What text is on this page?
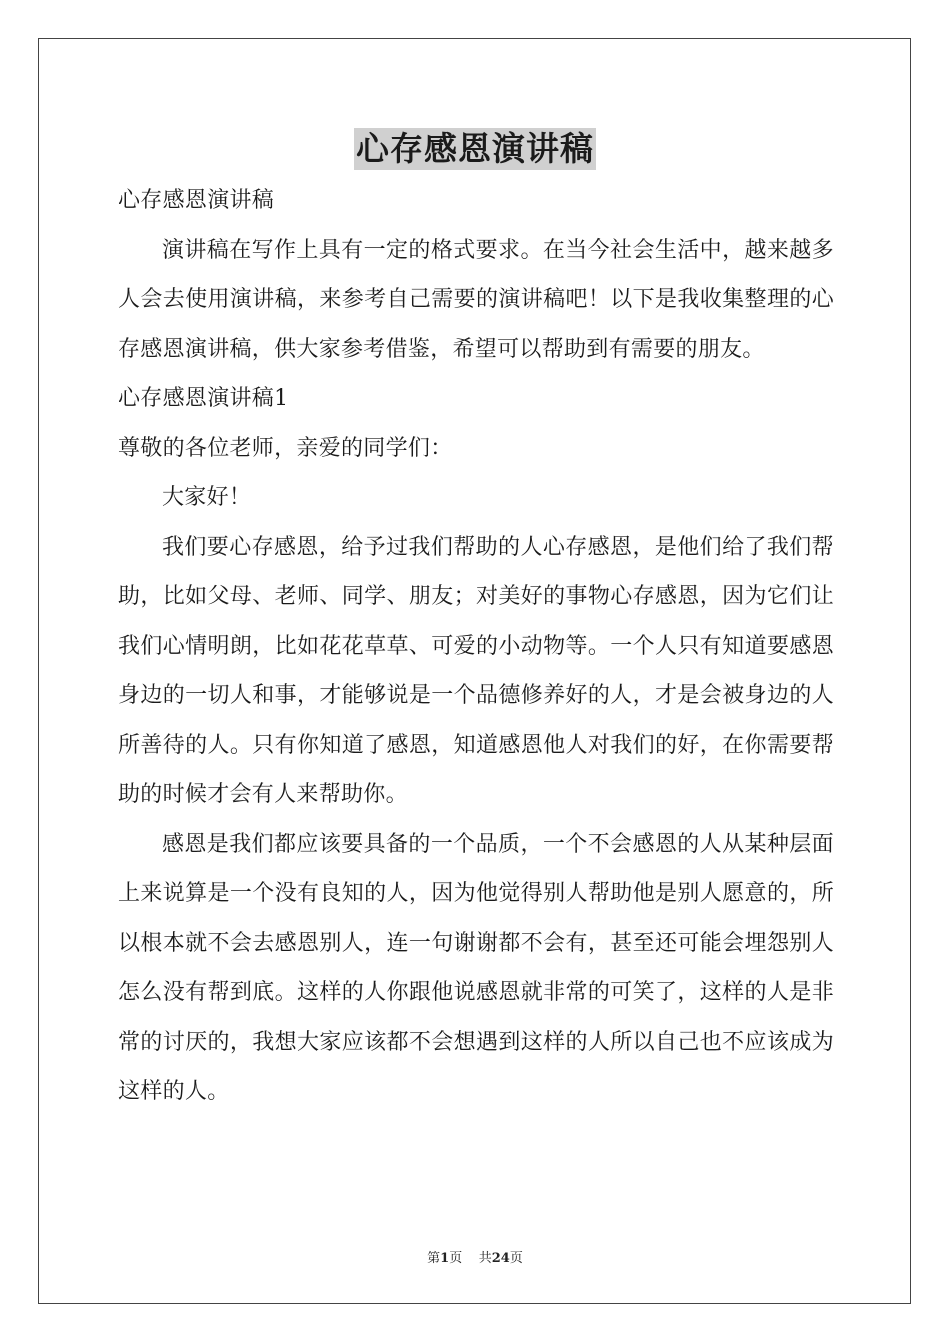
心存感恩演讲稿

心存感恩演讲稿

演讲稿在写作上具有一定的格式要求。在当今社会生活中，越来越多人会去使用演讲稿，来参考自己需要的演讲稿吧！以下是我收集整理的心存感恩演讲稿，供大家参考借鉴，希望可以帮助到有需要的朋友。

心存感恩演讲稿1

尊敬的各位老师，亲爱的同学们：

大家好！

我们要心存感恩，给予过我们帮助的人心存感恩，是他们给了我们帮助，比如父母、老师、同学、朋友；对美好的事物心存感恩，因为它们让我们心情明朗，比如花花草草、可爱的小动物等。一个人只有知道要感恩身边的一切人和事，才能够说是一个品德修养好的人，才是会被身边的人所善待的人。只有你知道了感恩，知道感恩他人对我们的好，在你需要帮助的时候才会有人来帮助你。

感恩是我们都应该要具备的一个品质，一个不会感恩的人从某种层面上来说算是一个没有良知的人，因为他觉得别人帮助他是别人愿意的，所以根本就不会去感恩别人，连一句谢谢都不会有，甚至还可能会埋怨别人怎么没有帮到底。这样的人你跟他说感恩就非常的可笑了，这样的人是非常的讨厌的，我想大家应该都不会想遇到这样的人所以自己也不应该成为这样的人。

第1页 共24页
